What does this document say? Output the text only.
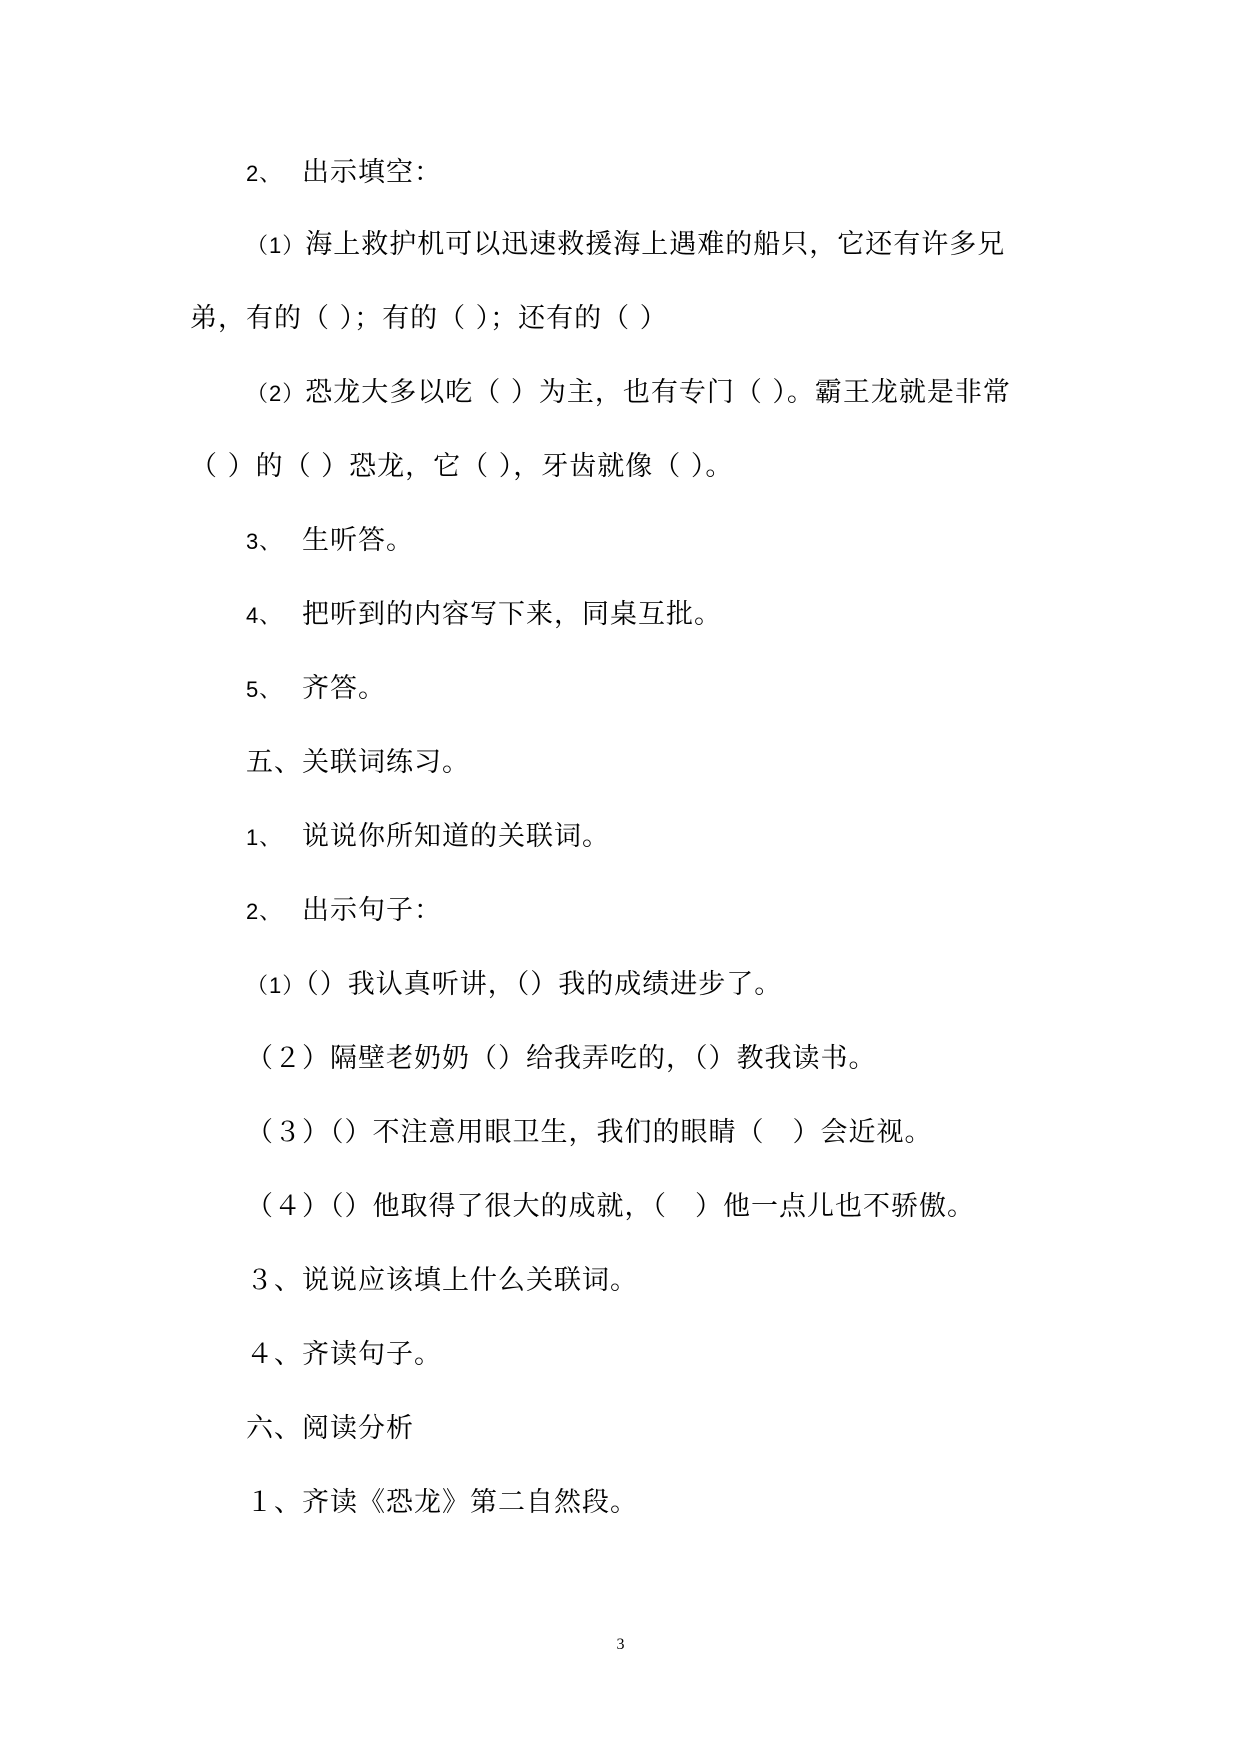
2、 出示填空：
（1）海上救护机可以迅速救援海上遇难的船只，它还有许多兄
弟，有的（ ）；有的（ ）；还有的（ ）
（2）恐龙大多以吃（ ）为主，也有专门（ ）。霸王龙就是非常
（ ）的（ ）恐龙，它（ ），牙齿就像（ ）。
3、 生听答。
4、 把听到的内容写下来，同桌互批。
5、 齐答。
五、关联词练习。
1、 说说你所知道的关联词。
2、 出示句子：
（1）（）我认真听讲，（）我的成绩进步了。
（２）隔壁老奶奶（）给我弄吃的，（）教我读书。
（３）（）不注意用眼卫生，我们的眼睛（　）会近视。
（４）（）他取得了很大的成就，（　）他一点儿也不骄傲。
３、说说应该填上什么关联词。
４、齐读句子。
六、阅读分析
１、齐读《恐龙》第二自然段。
3
